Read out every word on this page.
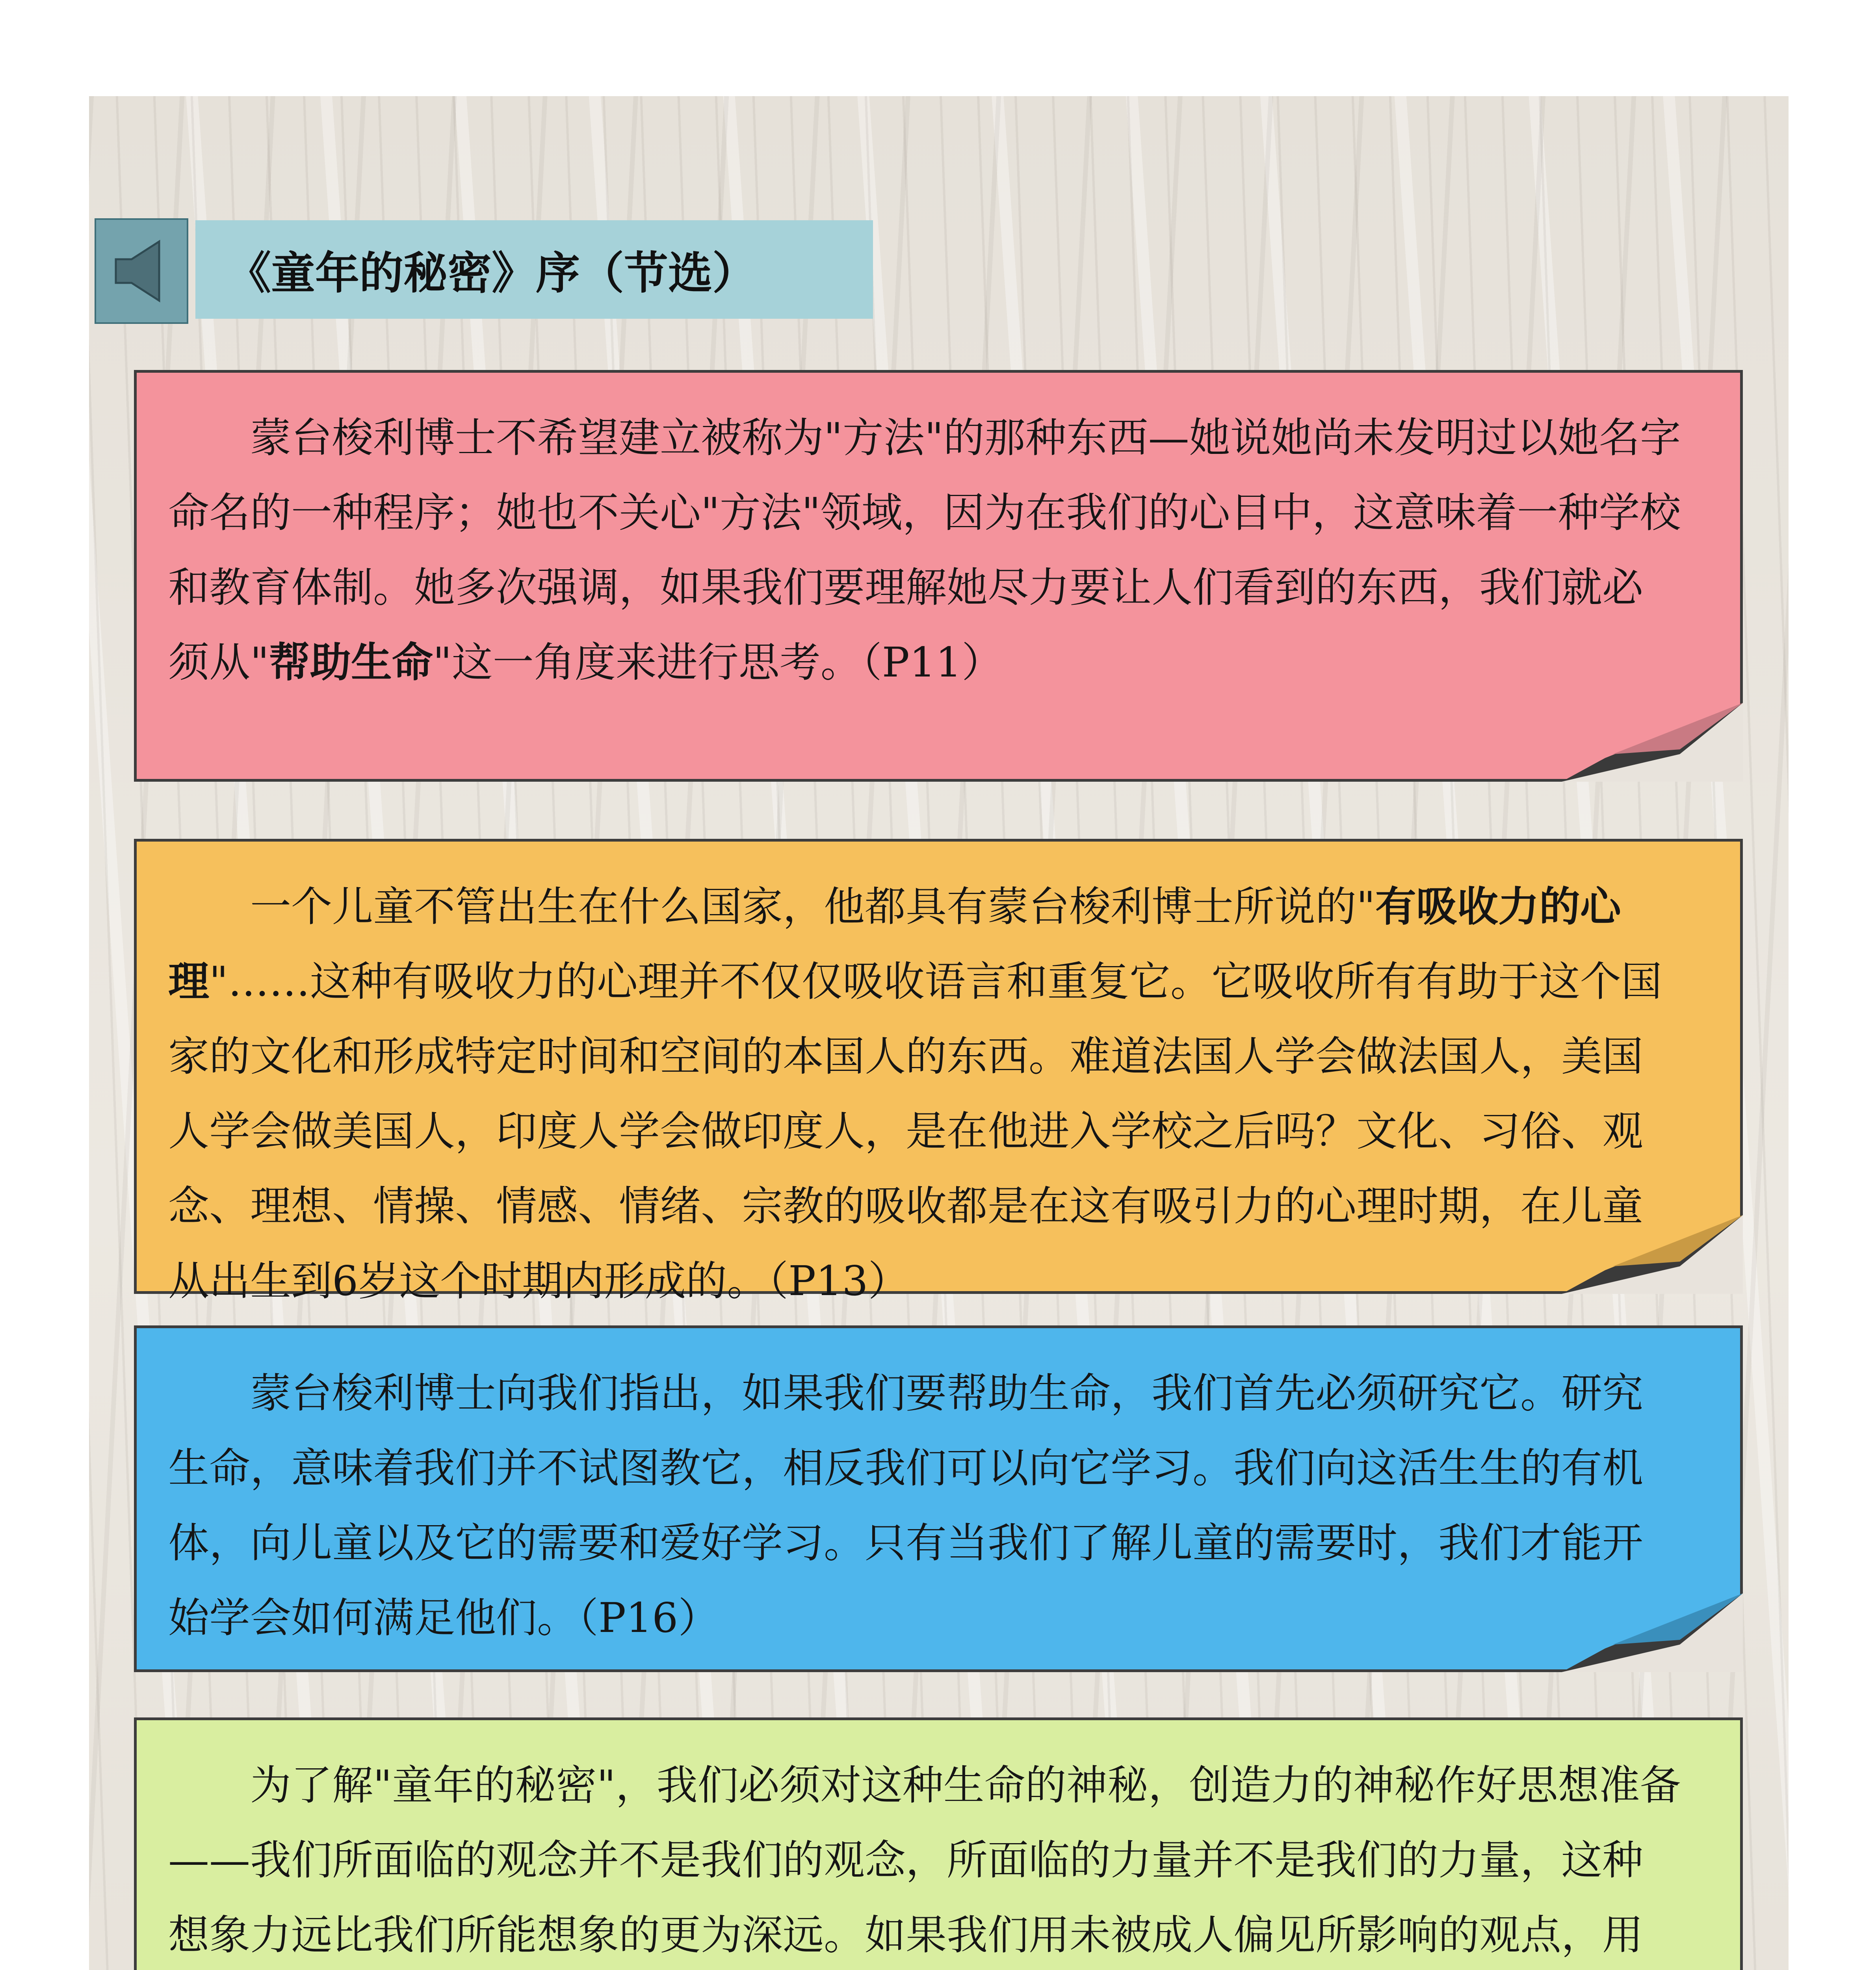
《童年的秘密》序（节选）

蒙台梭利博士不希望建立被称为"方法"的那种东西—她说她尚未发明过以她名字命名的一种程序；她也不关心"方法"领域，因为在我们的心目中，这意味着一种学校和教育体制。她多次强调，如果我们要理解她尽力要让人们看到的东西，我们就必须从"帮助生命"这一角度来进行思考。（P11）

一个儿童不管出生在什么国家，他都具有蒙台梭利博士所说的"有吸收力的心理"……这种有吸收力的心理并不仅仅吸收语言和重复它。它吸收所有有助于这个国家的文化和形成特定时间和空间的本国人的东西。难道法国人学会做法国人，美国人学会做美国人，印度人学会做印度人，是在他进入学校之后吗？文化、习俗、观念、理想、情操、情感、情绪、宗教的吸收都是在这有吸引力的心理时期，在儿童从出生到6岁这个时期内形成的。（P13）

蒙台梭利博士向我们指出，如果我们要帮助生命，我们首先必须研究它。研究生命，意味着我们并不试图教它，相反我们可以向它学习。我们向这活生生的有机体，向儿童以及它的需要和爱好学习。只有当我们了解儿童的需要时，我们才能开始学会如何满足他们。（P16）

为了解"童年的秘密"，我们必须对这种生命的神秘，创造力的神秘作好思想准备——我们所面临的观念并不是我们的观念，所面临的力量并不是我们的力量，这种想象力远比我们所能想象的更为深远。如果我们用未被成人偏见所影响的观点，用
